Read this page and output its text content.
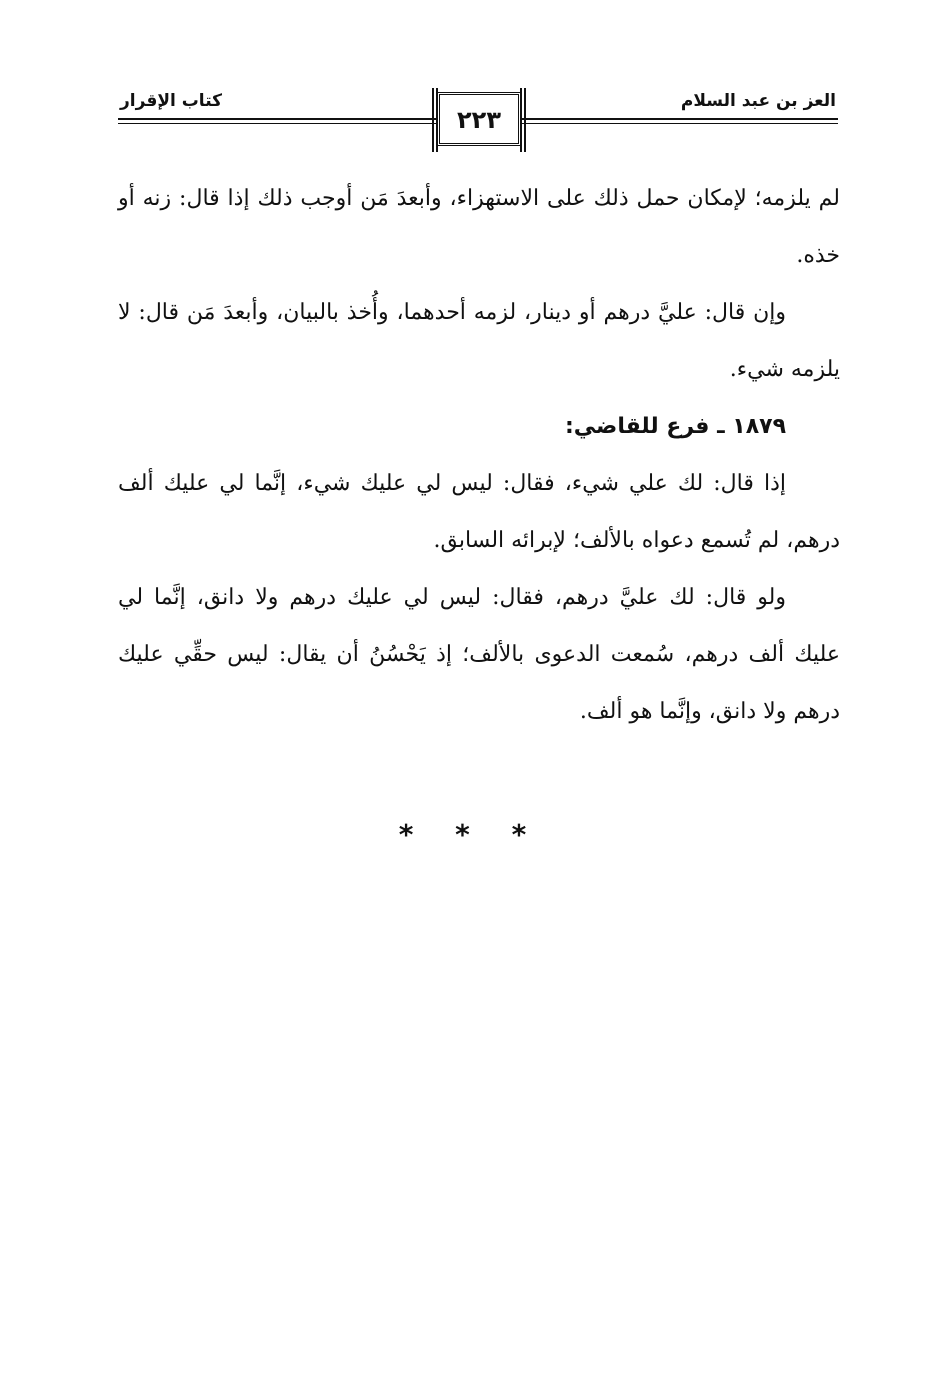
كتاب الإقرار	العز بن عبد السلام
٢٢٣

لم يلزمه؛ لإمكان حمل ذلك على الاستهزاء، وأبعدَ مَن أوجب ذلك إذا قال: زنه أو خذه.

وإن قال: عليَّ درهم أو دينار، لزمه أحدهما، وأُخذ بالبيان، وأبعدَ مَن قال: لا يلزمه شيء.

١٨٧٩ ـ فرع للقاضي:

إذا قال: لك علي شيء، فقال: ليس لي عليك شيء، إنَّما لي عليك ألف درهم، لم تُسمع دعواه بالألف؛ لإبرائه السابق.

ولو قال: لك عليَّ درهم، فقال: ليس لي عليك درهم ولا دانق، إنَّما لي عليك ألف درهم، سُمعت الدعوى بالألف؛ إذ يَحْسُنُ أن يقال: ليس حقِّي عليك درهم ولا دانق، وإنَّما هو ألف.

* * *
